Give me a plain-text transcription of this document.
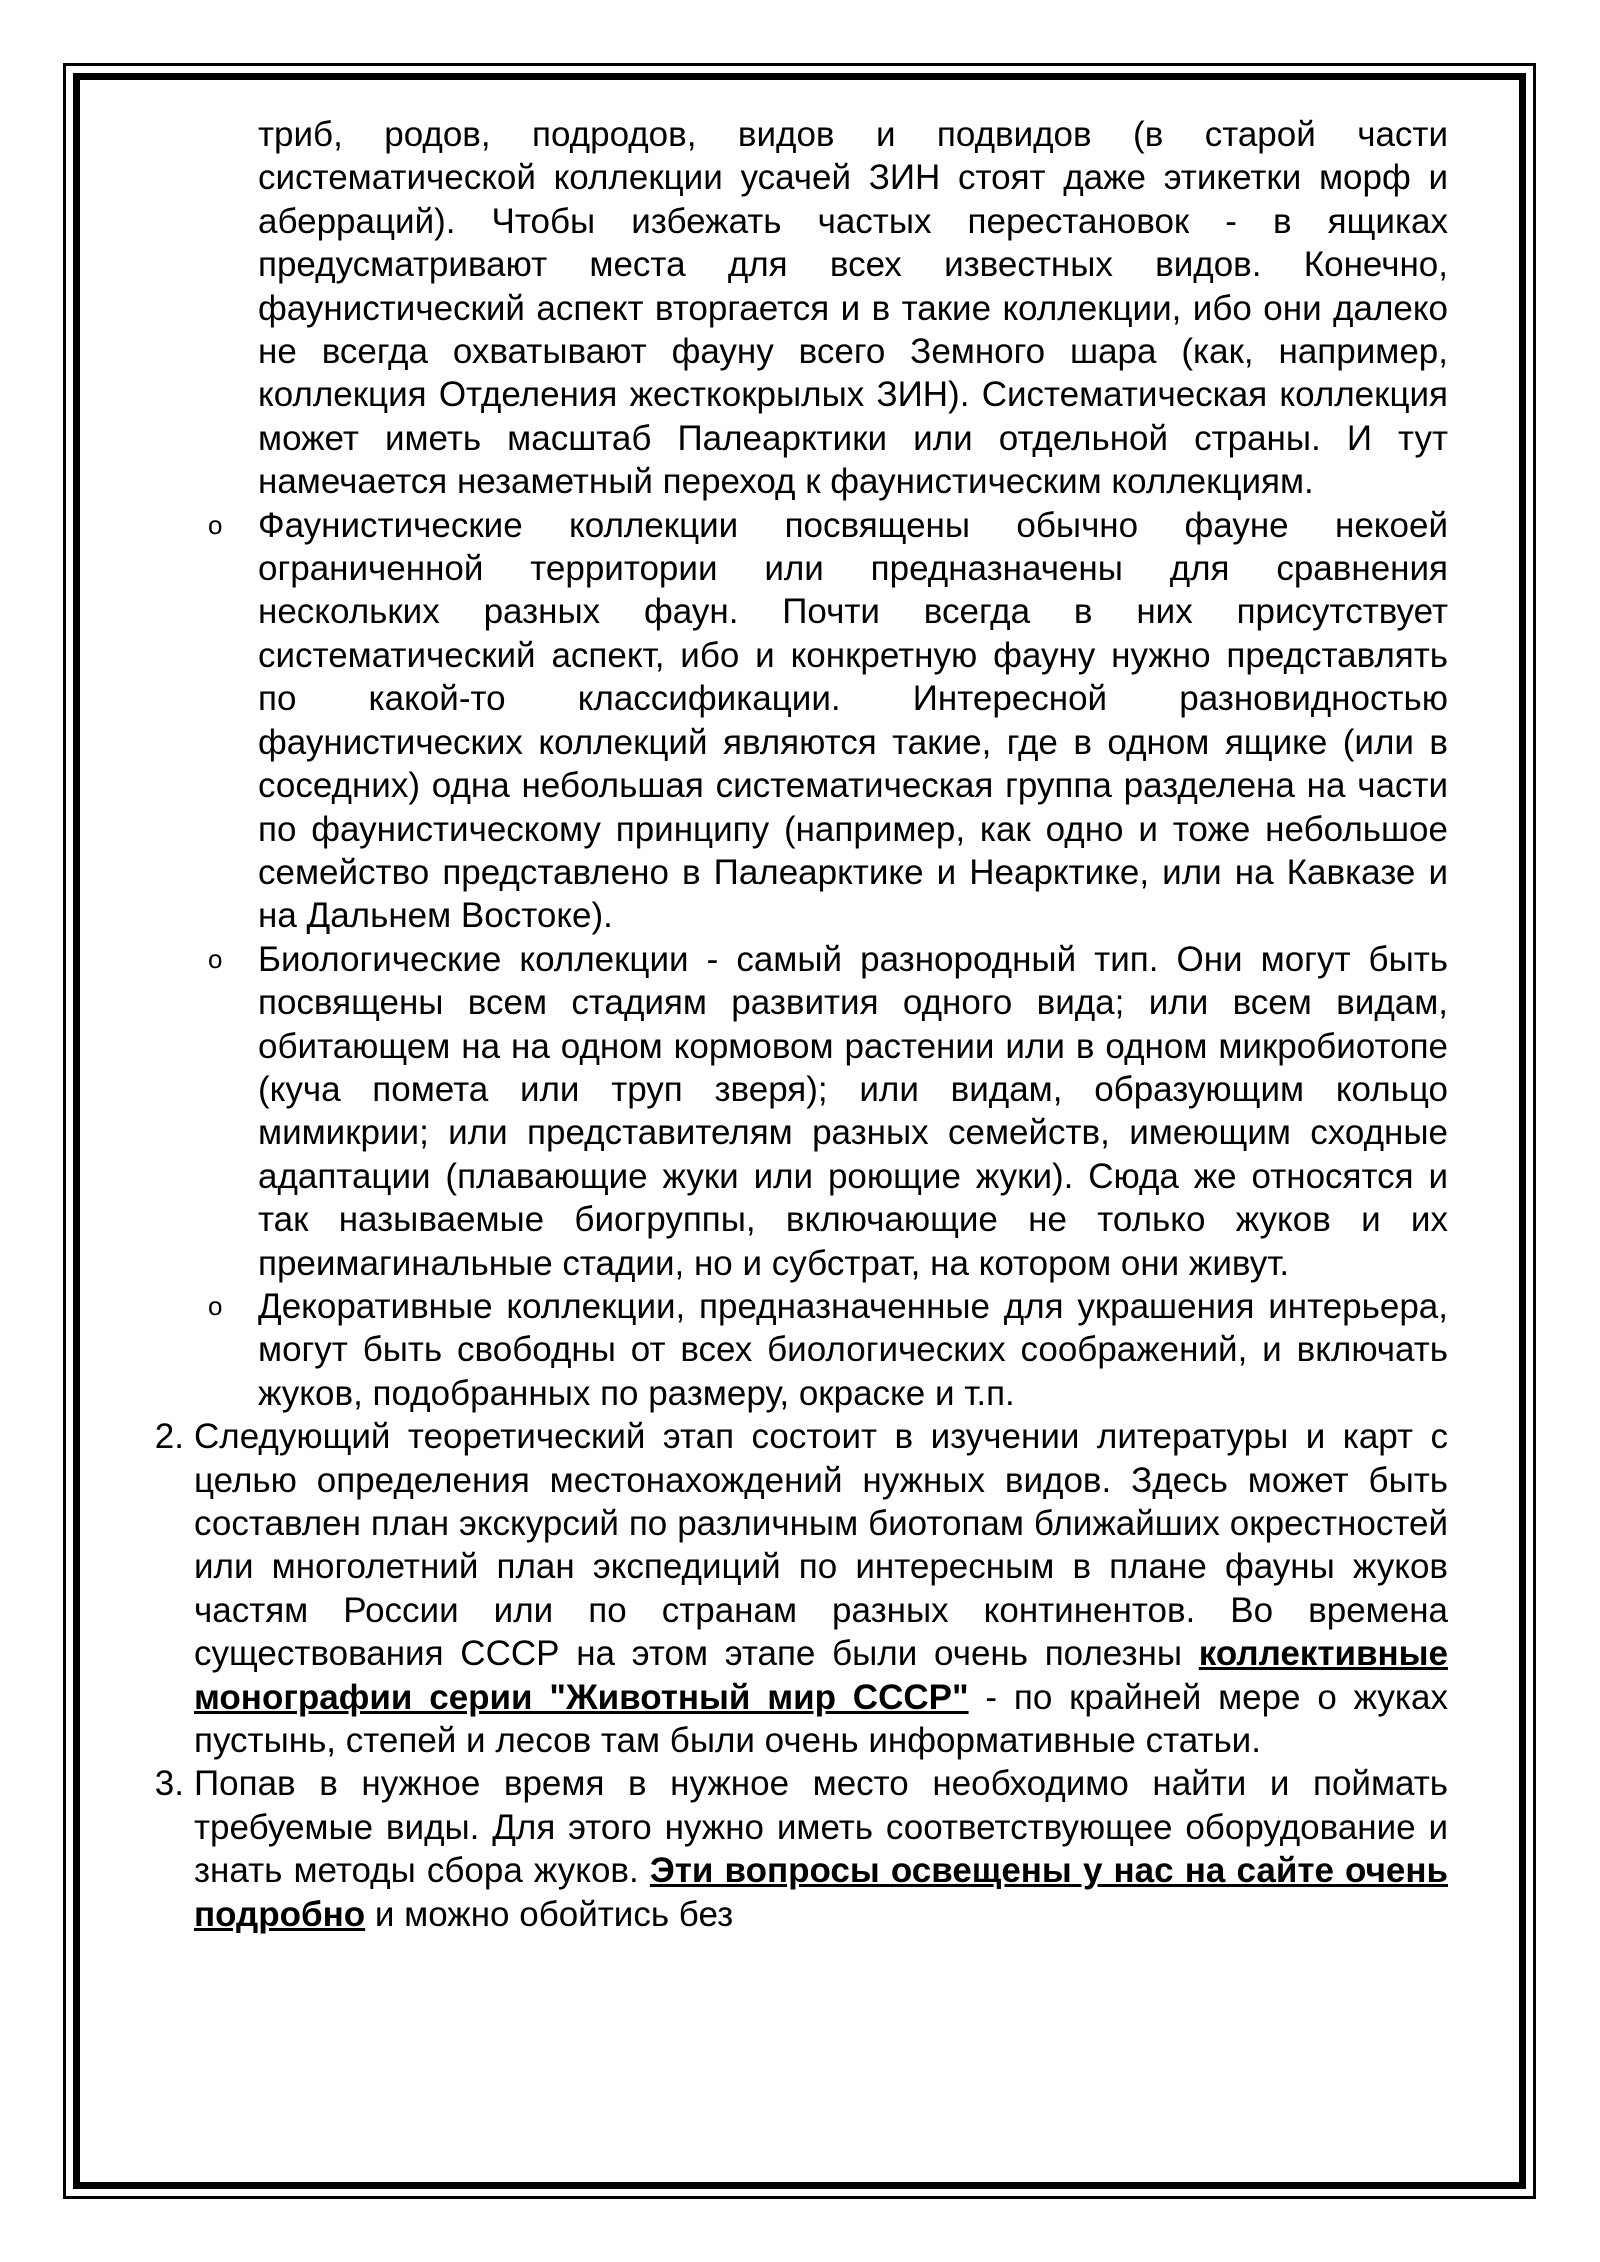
триб, родов, подродов, видов и подвидов (в старой части систематической коллекции усачей ЗИН стоят даже этикетки морф и аберраций). Чтобы избежать частых перестановок - в ящиках предусматривают места для всех известных видов. Конечно, фаунистический аспект вторгается и в такие коллекции, ибо они далеко не всегда охватывают фауну всего Земного шара (как, например, коллекция Отделения жесткокрылых ЗИН). Систематическая коллекция может иметь масштаб Палеарктики или отдельной страны. И тут намечается незаметный переход к фаунистическим коллекциям.

o Фаунистические коллекции посвящены обычно фауне некоей ограниченной территории или предназначены для сравнения нескольких разных фаун. Почти всегда в них присутствует систематический аспект, ибо и конкретную фауну нужно представлять по какой-то классификации. Интересной разновидностью фаунистических коллекций являются такие, где в одном ящике (или в соседних) одна небольшая систематическая группа разделена на части по фаунистическому принципу (например, как одно и тоже небольшое семейство представлено в Палеарктике и Неарктике, или на Кавказе и на Дальнем Востоке).

o Биологические коллекции - самый разнородный тип. Они могут быть посвящены всем стадиям развития одного вида; или всем видам, обитающем на на одном кормовом растении или в одном микробиотопе (куча помета или труп зверя); или видам, образующим кольцо мимикрии; или представителям разных семейств, имеющим сходные адаптации (плавающие жуки или роющие жуки). Сюда же относятся и так называемые биогруппы, включающие не только жуков и их преимагинальные стадии, но и субстрат, на котором они живут.

o Декоративные коллекции, предназначенные для украшения интерьера, могут быть свободны от всех биологических соображений, и включать жуков, подобранных по размеру, окраске и т.п.

2. Следующий теоретический этап состоит в изучении литературы и карт с целью определения местонахождений нужных видов. Здесь может быть составлен план экскурсий по различным биотопам ближайших окрестностей или многолетний план экспедиций по интересным в плане фауны жуков частям России или по странам разных континентов. Во времена существования СССР на этом этапе были очень полезны коллективные монографии серии "Животный мир СССР" - по крайней мере о жуках пустынь, степей и лесов там были очень информативные статьи.

3. Попав в нужное время в нужное место необходимо найти и поймать требуемые виды. Для этого нужно иметь соответствующее оборудование и знать методы сбора жуков. Эти вопросы освещены у нас на сайте очень подробно и можно обойтись без
